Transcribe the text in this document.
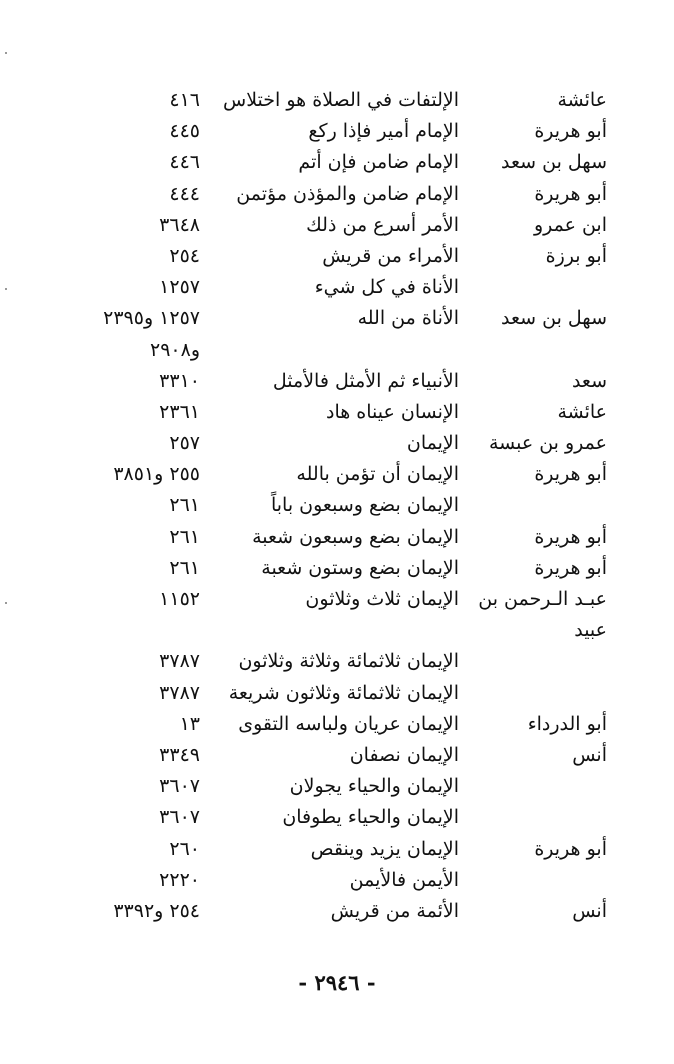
عائشة
الإلتفات في الصلاة هو اختلاس
٤١٦
أبو هريرة
الإمام أمير فإذا ركع
٤٤٥
سهل بن سعد
الإمام ضامن فإن أتم
٤٤٦
أبو هريرة
الإمام ضامن والمؤذن مؤتمن
٤٤٤
ابن عمرو
الأمر أسرع من ذلك
٣٦٤٨
أبو برزة
الأمراء من قريش
٢٥٤
الأناة في كل شيء
١٢٥٧
سهل بن سعد
الأناة من الله
١٢٥٧ و٢٣٩٥
و٢٩٠٨
سعد
الأنبياء ثم الأمثل فالأمثل
٣٣١٠
عائشة
الإنسان عيناه هاد
٢٣٦١
عمرو بن عبسة
الإيمان
٢٥٧
أبو هريرة
الإيمان أن تؤمن بالله
٢٥٥ و٣٨٥١
الإيمان بضع وسبعون باباً
٢٦١
أبو هريرة
الإيمان بضع وسبعون شعبة
٢٦١
أبو هريرة
الإيمان بضع وستون شعبة
٢٦١
عبـد الـرحمن بن
الإيمان ثلاث وثلاثون
١١٥٢
عبيد
الإيمان ثلاثمائة وثلاثة وثلاثون
٣٧٨٧
الإيمان ثلاثمائة وثلاثون شريعة
٣٧٨٧
أبو الدرداء
الإيمان عريان ولباسه التقوى
١٣
أنس
الإيمان نصفان
٣٣٤٩
الإيمان والحياء يجولان
٣٦٠٧
الإيمان والحياء يطوفان
٣٦٠٧
أبو هريرة
الإيمان يزيد وينقص
٢٦٠
الأيمن فالأيمن
٢٢٢٠
أنس
الأئمة من قريش
٢٥٤ و٣٣٩٢
- ٢٩٤٦ -
